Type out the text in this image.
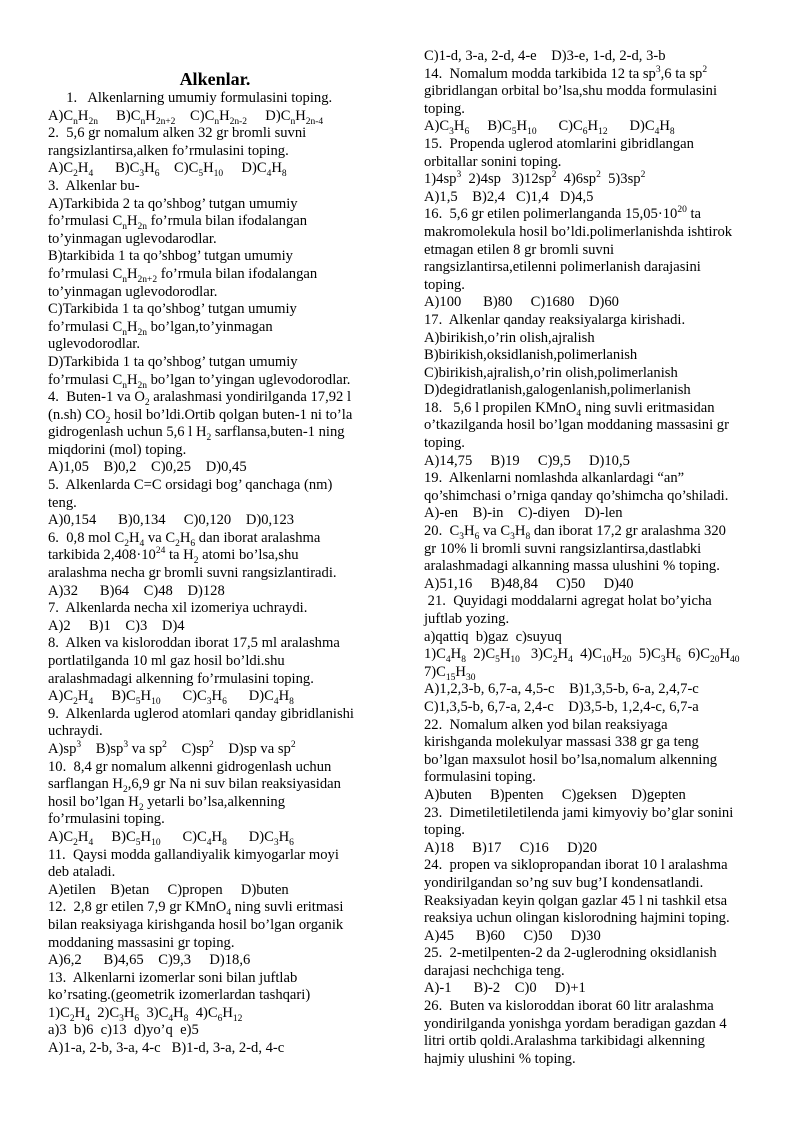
Alkenlar.
1.   Alkenlarning umumiy formulasini toping.
$A)C_nH_{2n}$     $B)C_nH_{2n+2}$    $C)C_nH_{2n-2}$     $D)C_nH_{2n-4}$
2.  5,6 gr nomalum alken 32 gr bromli suvni
rangsizlantirsa,alken fo’rmulasini toping.
$A)C_2H_4$      $B)C_3H_6$    $C)C_5H_{10}$     $D)C_4H_8$
3.  Alkenlar bu-
A)Tarkibida 2 ta qo’shbog’ tutgan umumiy
fo’rmulasi $C_nH_{2n}$ fo’rmula bilan ifodalangan
to’yinmagan uglevodarodlar.
B)tarkibida 1 ta qo’shbog’ tutgan umumiy
fo’rmulasi $C_nH_{2n+2}$ fo’rmula bilan ifodalangan
to’yinmagan uglevodorodlar.
C)Tarkibida 1 ta qo’shbog’ tutgan umumiy
fo’rmulasi $C_nH_{2n}$ bo’lgan,to’yinmagan
uglevodorodlar.
D)Tarkibida 1 ta qo’shbog’ tutgan umumiy
fo’rmulasi $C_nH_{2n}$ bo’lgan to’yingan uglevodorodlar.
4.  Buten-1 va $O_2$ aralashmasi yondirilganda 17,92 l
(n.sh) $CO_2$ hosil bo’ldi.Ortib qolgan buten-1 ni to’la
gidrogenlash uchun 5,6 l $H_2$ sarflansa,buten-1 ning
miqdorini (mol) toping.
A)1,05    B)0,2    C)0,25    D)0,45
5.  Alkenlarda C=C orsidagi bog’ qanchaga (nm)
teng.
A)0,154      B)0,134     C)0,120    D)0,123
6.  0,8 mol $C_2H_4$ va $C_2H_6$ dan iborat aralashma
tarkibida $2,408\cdot 10^{24}$ ta $H_2$ atomi bo’lsa,shu
aralashma necha gr bromli suvni rangsizlantiradi.
A)32      B)64    C)48    D)128
7.  Alkenlarda necha xil izomeriya uchraydi.
A)2     B)1    C)3    D)4
8.  Alken va kisloroddan iborat 17,5 ml aralashma
portlatilganda 10 ml gaz hosil bo’ldi.shu
aralashmadagi alkenning fo’rmulasini toping.
$A)C_2H_4$     $B)C_5H_{10}$      $C)C_3H_6$      $D)C_4H_8$
9.  Alkenlarda uglerod atomlari qanday gibridlanishi
uchraydi.
$A)sp^3$    $B)sp^3$ va $sp^2$    $C)sp^2$    D)sp va $sp^2$
10.  8,4 gr nomalum alkenni gidrogenlash uchun
sarflangan $H_2,6,9$ gr Na ni suv bilan reaksiyasidan
hosil bo’lgan $H_2$ yetarli bo’lsa,alkenning
fo’rmulasini toping.
$A)C_2H_4$     $B)C_5H_{10}$      $C)C_4H_8$      $D)C_3H_6$
11.  Qaysi modda gallandiyalik kimyogarlar moyi
deb ataladi.
A)etilen    B)etan     C)propen     D)buten
12.  2,8 gr etilen 7,9 gr KMnO$_4$ ning suvli eritmasi
bilan reaksiyaga kirishganda hosil bo’lgan organik
moddaning massasini gr toping.
A)6,2      B)4,65    C)9,3     D)18,6
13.  Alkenlarni izomerlar soni bilan juftlab
ko’rsating.(geometrik izomerlardan tashqari)
$1)C_2H_4$  $2)C_3H_6$  $3)C_4H_8$  $4)C_6H_{12}$
a)3  b)6  c)13  d)yo’q  e)5
A)1-a, 2-b, 3-a, 4-c   B)1-d, 3-a, 2-d, 4-c
C)1-d, 3-a, 2-d, 4-e    D)3-e, 1-d, 2-d, 3-b
14.  Nomalum modda tarkibida 12 ta $sp^3,6$ ta $sp^2$
gibridlangan orbital bo’lsa,shu modda formulasini
toping.
$A)C_3H_6$     $B)C_5H_{10}$      $C)C_6H_{12}$      $D)C_4H_8$
15.  Propenda uglerod atomlarini gibridlangan
orbitallar sonini toping.
$1)4sp^3$  2)4sp   $3)12sp^2$  $4)6sp^2$  $5)3sp^2$
A)1,5    B)2,4   C)1,4   D)4,5
16.  5,6 gr etilen polimerlanganda $15,05\cdot 10^{20}$ ta
makromolekula hosil bo’ldi.polimerlanishda ishtirok
etmagan etilen 8 gr bromli suvni
rangsizlantirsa,etilenni polimerlanish darajasini
toping.
A)100      B)80     C)1680    D)60
17.  Alkenlar qanday reaksiyalarga kirishadi.
A)birikish,o’rin olish,ajralish
B)birikish,oksidlanish,polimerlanish
C)birikish,ajralish,o’rin olish,polimerlanish
D)degidratlanish,galogenlanish,polimerlanish
18.   5,6 l propilen KMnO$_4$ ning suvli eritmasidan
o’tkazilganda hosil bo’lgan moddaning massasini gr
toping.
A)14,75     B)19     C)9,5     D)10,5
19.  Alkenlarni nomlashda alkanlardagi “an”
qo’shimchasi o’rniga qanday qo’shimcha qo’shiladi.
A)-en    B)-in    C)-diyen    D)-len
20.  $C_3H_6$ va $C_3H_8$ dan iborat 17,2 gr aralashma 320
gr 10% li bromli suvni rangsizlantirsa,dastlabki
aralashmadagi alkanning massa ulushini % toping.
A)51,16     B)48,84     C)50     D)40
21.  Quyidagi moddalarni agregat holat bo’yicha
juftlab yozing.
a)qattiq  b)gaz  c)suyuq
$1)C_4H_8$  $2)C_5H_{10}$   $3)C_2H_4$  $4)C_{10}H_{20}$  $5)C_3H_6$  $6)C_{20}H_{40}$
$7)C_{15}H_{30}$
A)1,2,3-b, 6,7-a, 4,5-c    B)1,3,5-b, 6-a, 2,4,7-c
C)1,3,5-b, 6,7-a, 2,4-c    D)3,5-b, 1,2,4-c, 6,7-a
22.  Nomalum alken yod bilan reaksiyaga
kirishganda molekulyar massasi 338 gr ga teng
bo’lgan maxsulot hosil bo’lsa,nomalum alkenning
formulasini toping.
A)buten     B)penten     C)geksen    D)gepten
23.  Dimetiletiletilenda jami kimyoviy bo’glar sonini
toping.
A)18     B)17     C)16     D)20
24.  propen va siklopropandan iborat 10 l aralashma
yondirilgandan so’ng suv bug’I kondensatlandi.
Reaksiyadan keyin qolgan gazlar 45 l ni tashkil etsa
reaksiya uchun olingan kislorodning hajmini toping.
A)45      B)60     C)50     D)30
25.  2-metilpenten-2 da 2-uglerodning oksidlanish
darajasi nechchiga teng.
A)-1      B)-2    C)0     D)+1
26.  Buten va kisloroddan iborat 60 litr aralashma
yondirilganda yonishga yordam beradigan gazdan 4
litri ortib qoldi.Aralashma tarkibidagi alkenning
hajmiy ulushini % toping.
